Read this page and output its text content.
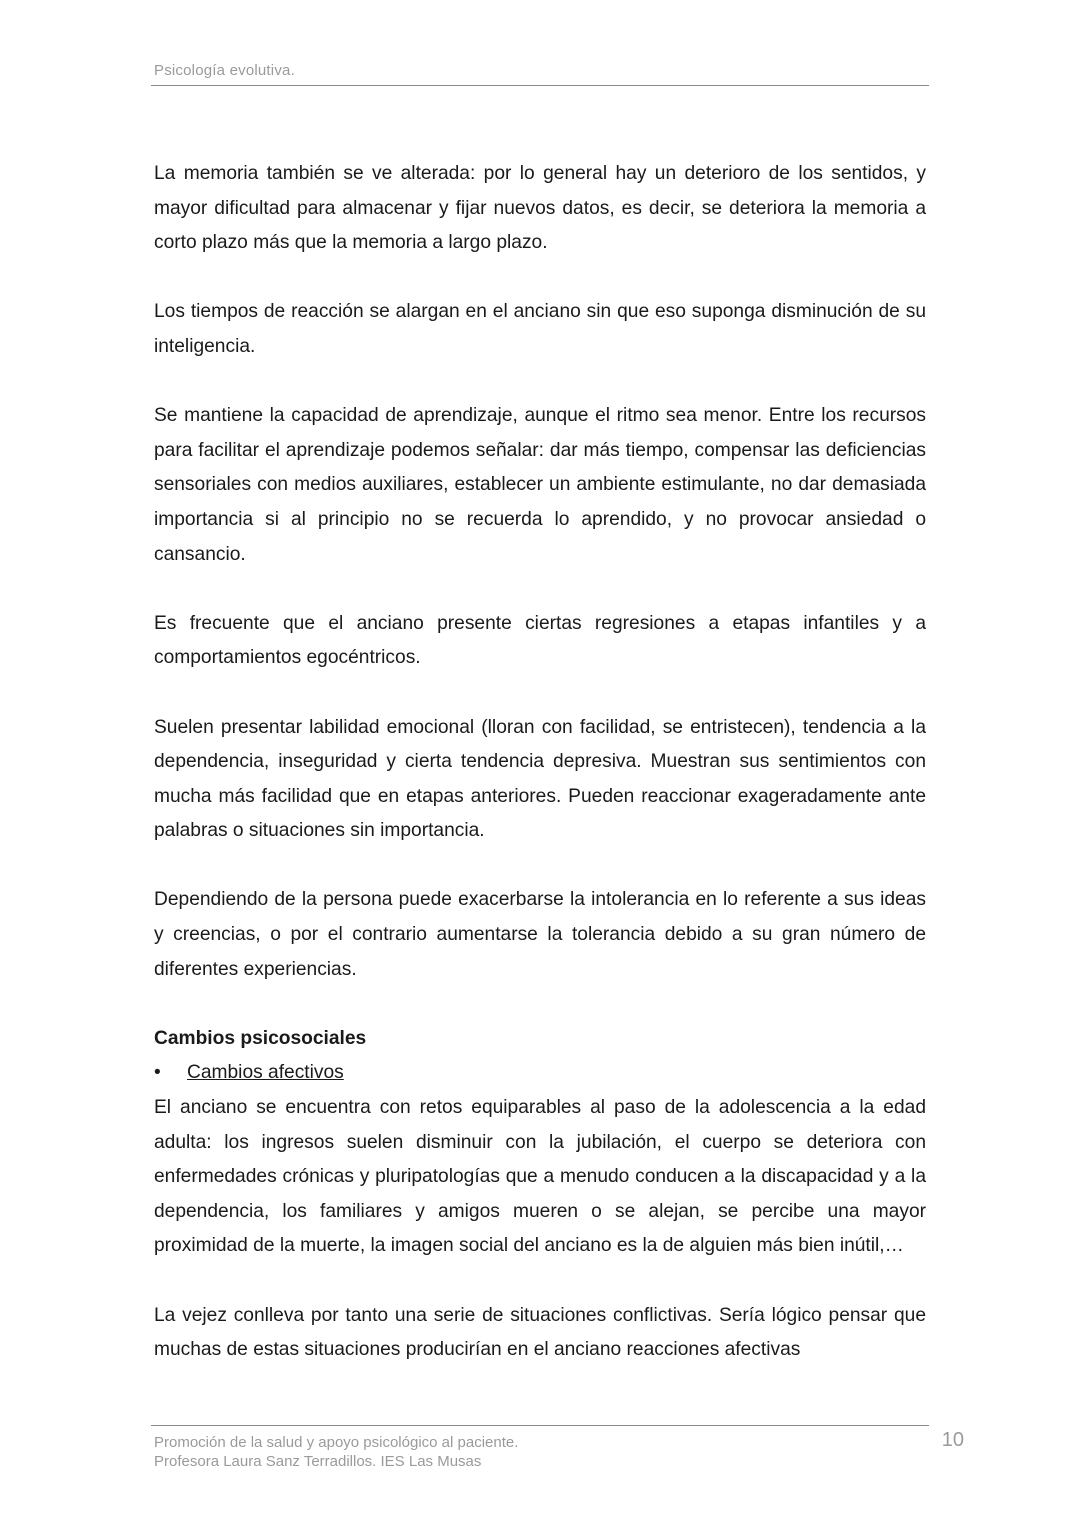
Psicología evolutiva.

La memoria también se ve alterada: por lo general hay un deterioro de los sentidos, y mayor dificultad para almacenar y fijar nuevos datos, es decir, se deteriora la memoria a corto plazo más que la memoria a largo plazo.

Los tiempos de reacción se alargan en el anciano sin que eso suponga disminución de su inteligencia.

Se mantiene la capacidad de aprendizaje, aunque el ritmo sea menor. Entre los recursos para facilitar el aprendizaje podemos señalar: dar más tiempo, compensar las deficiencias sensoriales con medios auxiliares, establecer un ambiente estimulante, no dar demasiada importancia si al principio no se recuerda lo aprendido, y no provocar ansiedad o cansancio.

Es frecuente que el anciano presente ciertas regresiones a etapas infantiles y a comportamientos egocéntricos.

Suelen presentar labilidad emocional (lloran con facilidad, se entristecen), tendencia a la dependencia, inseguridad y cierta tendencia depresiva. Muestran sus sentimientos con mucha más facilidad que en etapas anteriores. Pueden reaccionar exageradamente ante palabras o situaciones sin importancia.

Dependiendo de la persona puede exacerbarse la intolerancia en lo referente a sus ideas y creencias, o por el contrario aumentarse la tolerancia debido a su gran número de diferentes experiencias.

Cambios psicosociales

•	Cambios afectivos

El anciano se encuentra con retos equiparables al paso de la adolescencia a la edad adulta: los ingresos suelen disminuir con la jubilación, el cuerpo se deteriora con enfermedades crónicas y pluripatologías que a menudo conducen a la discapacidad y a la dependencia, los familiares y amigos mueren o se alejan, se percibe una mayor proximidad de la muerte, la imagen social del anciano es la de alguien más bien inútil,…

La vejez conlleva por tanto una serie de situaciones conflictivas. Sería lógico pensar que muchas de estas situaciones producirían en el anciano reacciones afectivas

Promoción de la salud y apoyo psicológico al paciente.
Profesora Laura Sanz Terradillos. IES Las Musas
10
